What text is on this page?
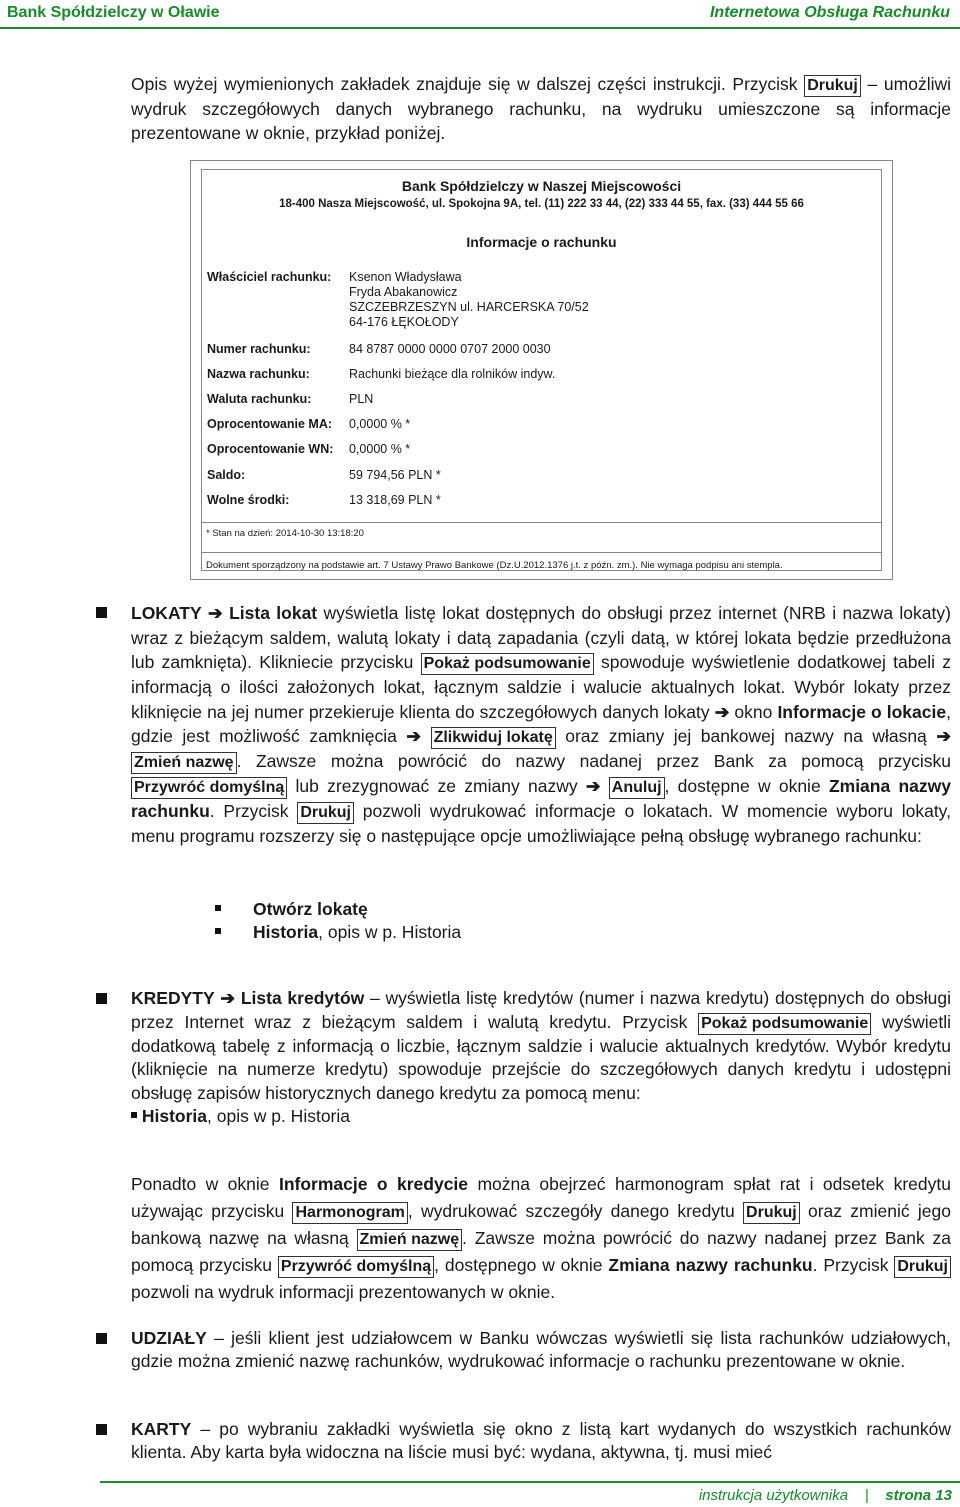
Bank Spółdzielczy w Oławie	Internetowa Obsługa Rachunku
Opis wyżej wymienionych zakładek znajduje się w dalszej części instrukcji. Przycisk Drukuj – umożliwi wydruk szczegółowych danych wybranego rachunku, na wydruku umieszczone są informacje prezentowane w oknie, przykład poniżej.
Bank Spółdzielczy w Naszej Miejscowości
18-400 Nasza Miejscowość, ul. Spokojna 9A, tel. (11) 222 33 44, (22) 333 44 55, fax. (33) 444 55 66
Informacje o rachunku
Właściciel rachunku:	Ksenon Władysława
Fryda Abakanowicz
SZCZEBRZESZYN ul. HARCERSKA 70/52
64-176 ŁĘKOŁODY
Numer rachunku:	84 8787 0000 0000 0707 2000 0030
Nazwa rachunku:	Rachunki bieżące dla rolników indyw.
Waluta rachunku:	PLN
Oprocentowanie MA:	0,0000 % *
Oprocentowanie WN:	0,0000 % *
Saldo:	59 794,56 PLN *
Wolne środki:	13 318,69 PLN *
* Stan na dzień: 2014-10-30 13:18:20
Dokument sporządzony na podstawie art. 7 Ustawy Prawo Bankowe (Dz.U.2012.1376 j.t. z późn. zm.). Nie wymaga podpisu ani stempla.
LOKATY ➔ Lista lokat wyświetla listę lokat dostępnych do obsługi przez internet (NRB i nazwa lokaty) wraz z bieżącym saldem, walutą lokaty i datą zapadania (czyli datą, w której lokata będzie przedłużona lub zamknięta). Klikniecie przycisku Pokaż podsumowanie spowoduje wyświetlenie dodatkowej tabeli z informacją o ilości założonych lokat, łącznym saldzie i walucie aktualnych lokat. Wybór lokaty przez kliknięcie na jej numer przekieruje klienta do szczegółowych danych lokaty ➔ okno Informacje o lokacie, gdzie jest możliwość zamknięcia ➔ Zlikwiduj lokatę oraz zmiany jej bankowej nazwy na własną ➔ Zmień nazwę . Zawsze można powrócić do nazwy nadanej przez Bank za pomocą przycisku Przywróć domyślną lub zrezygnować ze zmiany nazwy ➔ Anuluj , dostępne w oknie Zmiana nazwy rachunku. Przycisk Drukuj pozwoli wydrukować informacje o lokatach. W momencie wyboru lokaty, menu programu rozszerzy się o następujące opcje umożliwiające pełną obsługę wybranego rachunku:
Otwórz lokatę
Historia, opis w p. Historia
KREDYTY ➔ Lista kredytów – wyświetla listę kredytów (numer i nazwa kredytu) dostępnych do obsługi przez Internet wraz z bieżącym saldem i walutą kredytu. Przycisk Pokaż podsumowanie wyświetli dodatkową tabelę z informacją o liczbie, łącznym saldzie i walucie aktualnych kredytów. Wybór kredytu (kliknięcie na numerze kredytu) spowoduje przejście do szczegółowych danych kredytu i udostępni obsługę zapisów historycznych danego kredytu za pomocą menu:
Historia, opis w p. Historia
Ponadto w oknie Informacje o kredycie można obejrzeć harmonogram spłat rat i odsetek kredytu używając przycisku Harmonogram , wydrukować szczegóły danego kredytu Drukuj oraz zmienić jego bankową nazwę na własną Zmień nazwę . Zawsze można powrócić do nazwy nadanej przez Bank za pomocą przycisku Przywróć domyślną , dostępnego w oknie Zmiana nazwy rachunku. Przycisk Drukuj pozwoli na wydruk informacji prezentowanych w oknie.
UDZIAŁY – jeśli klient jest udziałowcem w Banku wówczas wyświetli się lista rachunków udziałowych, gdzie można zmienić nazwę rachunków, wydrukować informacje o rachunku prezentowane w oknie.
KARTY – po wybraniu zakładki wyświetla się okno z listą kart wydanych do wszystkich rachunków klienta. Aby karta była widoczna na liście musi być: wydana, aktywna, tj. musi mieć
instrukcja użytkownika | strona 13
